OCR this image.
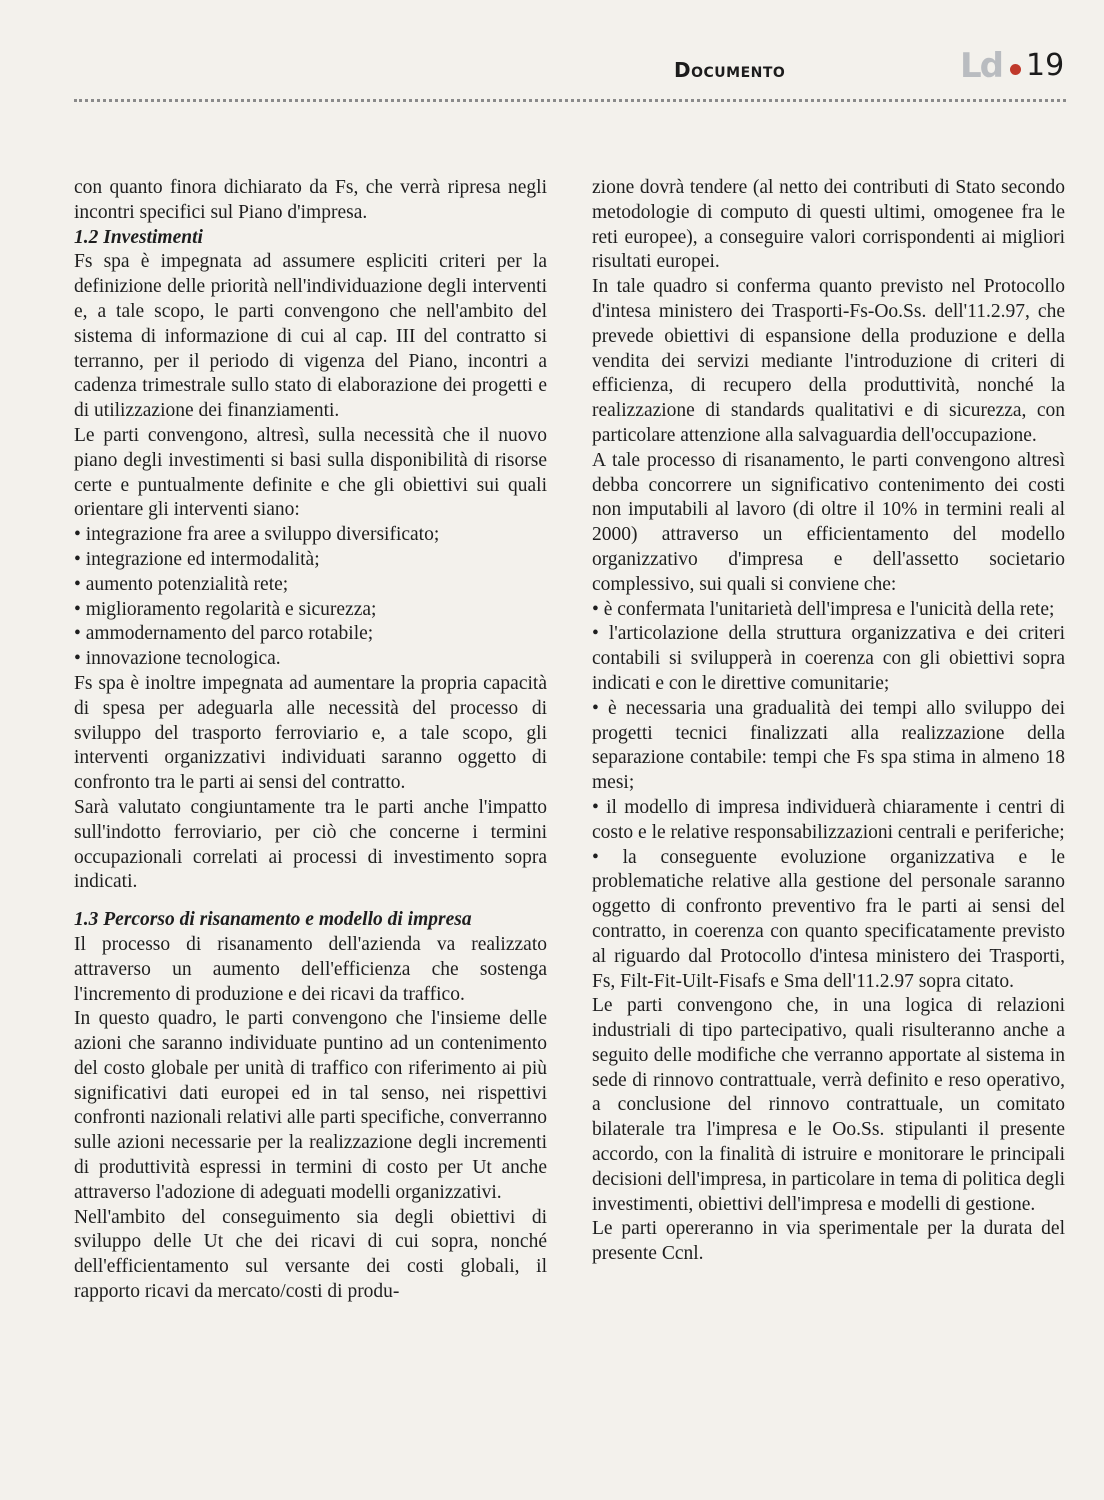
Documento	Ld 19

con quanto finora dichiarato da Fs, che verrà ripresa negli incontri specifici sul Piano d'impresa.

1.2 Investimenti

Fs spa è impegnata ad assumere espliciti criteri per la definizione delle priorità nell'individuazione degli interventi e, a tale scopo, le parti convengono che nell'ambito del sistema di informazione di cui al cap. III del contratto si terranno, per il periodo di vigenza del Piano, incontri a cadenza trimestrale sullo stato di elaborazione dei progetti e di utilizzazione dei finanziamenti.

Le parti convengono, altresì, sulla necessità che il nuovo piano degli investimenti si basi sulla disponibilità di risorse certe e puntualmente definite e che gli obiettivi sui quali orientare gli interventi siano:

• integrazione fra aree a sviluppo diversificato;
• integrazione ed intermodalità;
• aumento potenzialità rete;
• miglioramento regolarità e sicurezza;
• ammodernamento del parco rotabile;
• innovazione tecnologica.

Fs spa è inoltre impegnata ad aumentare la propria capacità di spesa per adeguarla alle necessità del processo di sviluppo del trasporto ferroviario e, a tale scopo, gli interventi organizzativi individuati saranno oggetto di confronto tra le parti ai sensi del contratto.

Sarà valutato congiuntamente tra le parti anche l'impatto sull'indotto ferroviario, per ciò che concerne i termini occupazionali correlati ai processi di investimento sopra indicati.

1.3 Percorso di risanamento e modello di impresa

Il processo di risanamento dell'azienda va realizzato attraverso un aumento dell'efficienza che sostenga l'incremento di produzione e dei ricavi da traffico.

In questo quadro, le parti convengono che l'insieme delle azioni che saranno individuate puntino ad un contenimento del costo globale per unità di traffico con riferimento ai più significativi dati europei ed in tal senso, nei rispettivi confronti nazionali relativi alle parti specifiche, converranno sulle azioni necessarie per la realizzazione degli incrementi di produttività espressi in termini di costo per Ut anche attraverso l'adozione di adeguati modelli organizzativi.

Nell'ambito del conseguimento sia degli obiettivi di sviluppo delle Ut che dei ricavi di cui sopra, nonché dell'efficientamento sul versante dei costi globali, il rapporto ricavi da mercato/costi di produ-

zione dovrà tendere (al netto dei contributi di Stato secondo metodologie di computo di questi ultimi, omogenee fra le reti europee), a conseguire valori corrispondenti ai migliori risultati europei.

In tale quadro si conferma quanto previsto nel Protocollo d'intesa ministero dei Trasporti-Fs-Oo.Ss. dell'11.2.97, che prevede obiettivi di espansione della produzione e della vendita dei servizi mediante l'introduzione di criteri di efficienza, di recupero della produttività, nonché la realizzazione di standards qualitativi e di sicurezza, con particolare attenzione alla salvaguardia dell'occupazione.

A tale processo di risanamento, le parti convengono altresì debba concorrere un significativo contenimento dei costi non imputabili al lavoro (di oltre il 10% in termini reali al 2000) attraverso un efficientamento del modello organizzativo d'impresa e dell'assetto societario complessivo, sui quali si conviene che:

• è confermata l'unitarietà dell'impresa e l'unicità della rete;
• l'articolazione della struttura organizzativa e dei criteri contabili si svilupperà in coerenza con gli obiettivi sopra indicati e con le direttive comunitarie;
• è necessaria una gradualità dei tempi allo sviluppo dei progetti tecnici finalizzati alla realizzazione della separazione contabile: tempi che Fs spa stima in almeno 18 mesi;
• il modello di impresa individuerà chiaramente i centri di costo e le relative responsabilizzazioni centrali e periferiche;
• la conseguente evoluzione organizzativa e le problematiche relative alla gestione del personale saranno oggetto di confronto preventivo fra le parti ai sensi del contratto, in coerenza con quanto specificatamente previsto al riguardo dal Protocollo d'intesa ministero dei Trasporti, Fs, Filt-Fit-Uilt-Fisafs e Sma dell'11.2.97 sopra citato.

Le parti convengono che, in una logica di relazioni industriali di tipo partecipativo, quali risulteranno anche a seguito delle modifiche che verranno apportate al sistema in sede di rinnovo contrattuale, verrà definito e reso operativo, a conclusione del rinnovo contrattuale, un comitato bilaterale tra l'impresa e le Oo.Ss. stipulanti il presente accordo, con la finalità di istruire e monitorare le principali decisioni dell'impresa, in particolare in tema di politica degli investimenti, obiettivi dell'impresa e modelli di gestione.

Le parti opereranno in via sperimentale per la durata del presente Ccnl.
